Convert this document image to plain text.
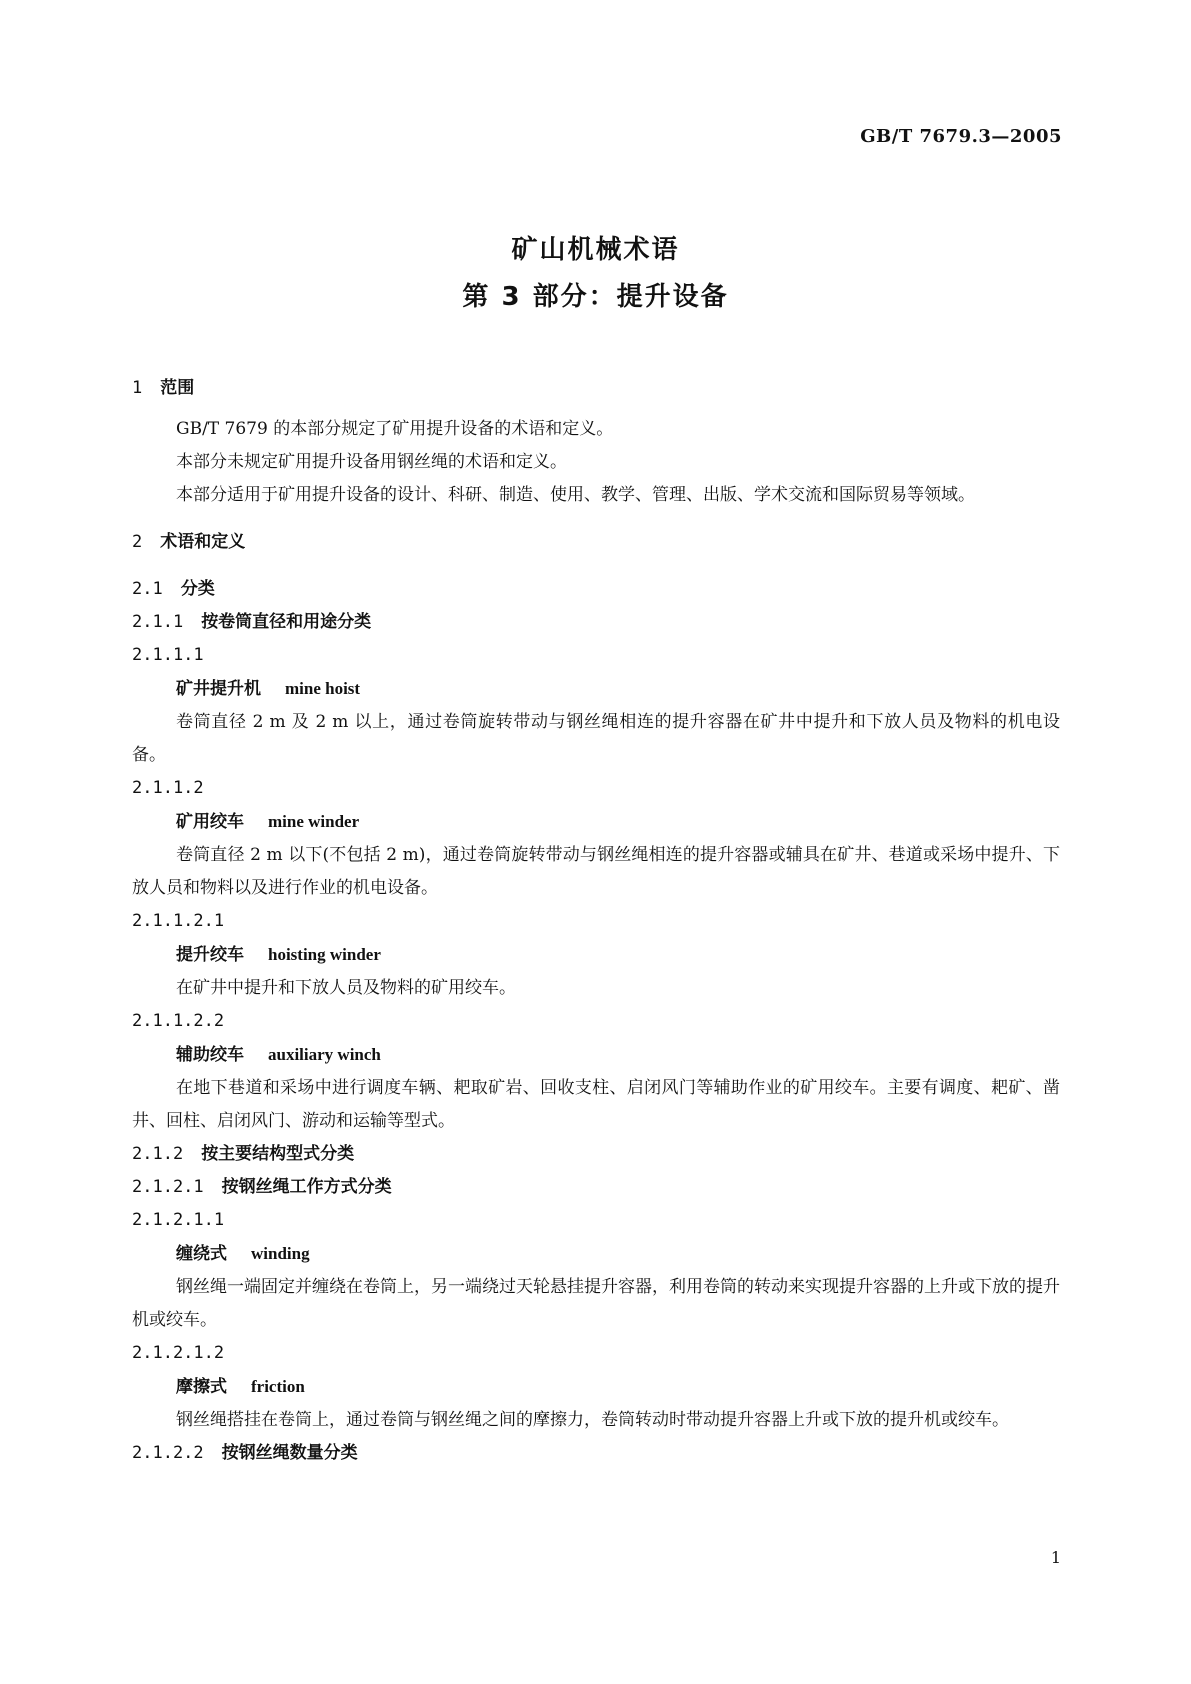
GB/T 7679.3—2005
矿山机械术语
第 3 部分：提升设备
1 范围
GB/T 7679 的本部分规定了矿用提升设备的术语和定义。
本部分未规定矿用提升设备用钢丝绳的术语和定义。
本部分适用于矿用提升设备的设计、科研、制造、使用、教学、管理、出版、学术交流和国际贸易等领域。
2 术语和定义
2.1 分类
2.1.1 按卷筒直径和用途分类
2.1.1.1
矿井提升机 mine hoist
卷筒直径 2 m 及 2 m 以上，通过卷筒旋转带动与钢丝绳相连的提升容器在矿井中提升和下放人员及物料的机电设备。
2.1.1.2
矿用绞车 mine winder
卷筒直径 2 m 以下(不包括 2 m)，通过卷筒旋转带动与钢丝绳相连的提升容器或辅具在矿井、巷道或采场中提升、下放人员和物料以及进行作业的机电设备。
2.1.1.2.1
提升绞车 hoisting winder
在矿井中提升和下放人员及物料的矿用绞车。
2.1.1.2.2
辅助绞车 auxiliary winch
在地下巷道和采场中进行调度车辆、耙取矿岩、回收支柱、启闭风门等辅助作业的矿用绞车。主要有调度、耙矿、凿井、回柱、启闭风门、游动和运输等型式。
2.1.2 按主要结构型式分类
2.1.2.1 按钢丝绳工作方式分类
2.1.2.1.1
缠绕式 winding
钢丝绳一端固定并缠绕在卷筒上，另一端绕过天轮悬挂提升容器，利用卷筒的转动来实现提升容器的上升或下放的提升机或绞车。
2.1.2.1.2
摩擦式 friction
钢丝绳搭挂在卷筒上，通过卷筒与钢丝绳之间的摩擦力，卷筒转动时带动提升容器上升或下放的提升机或绞车。
2.1.2.2 按钢丝绳数量分类
1
